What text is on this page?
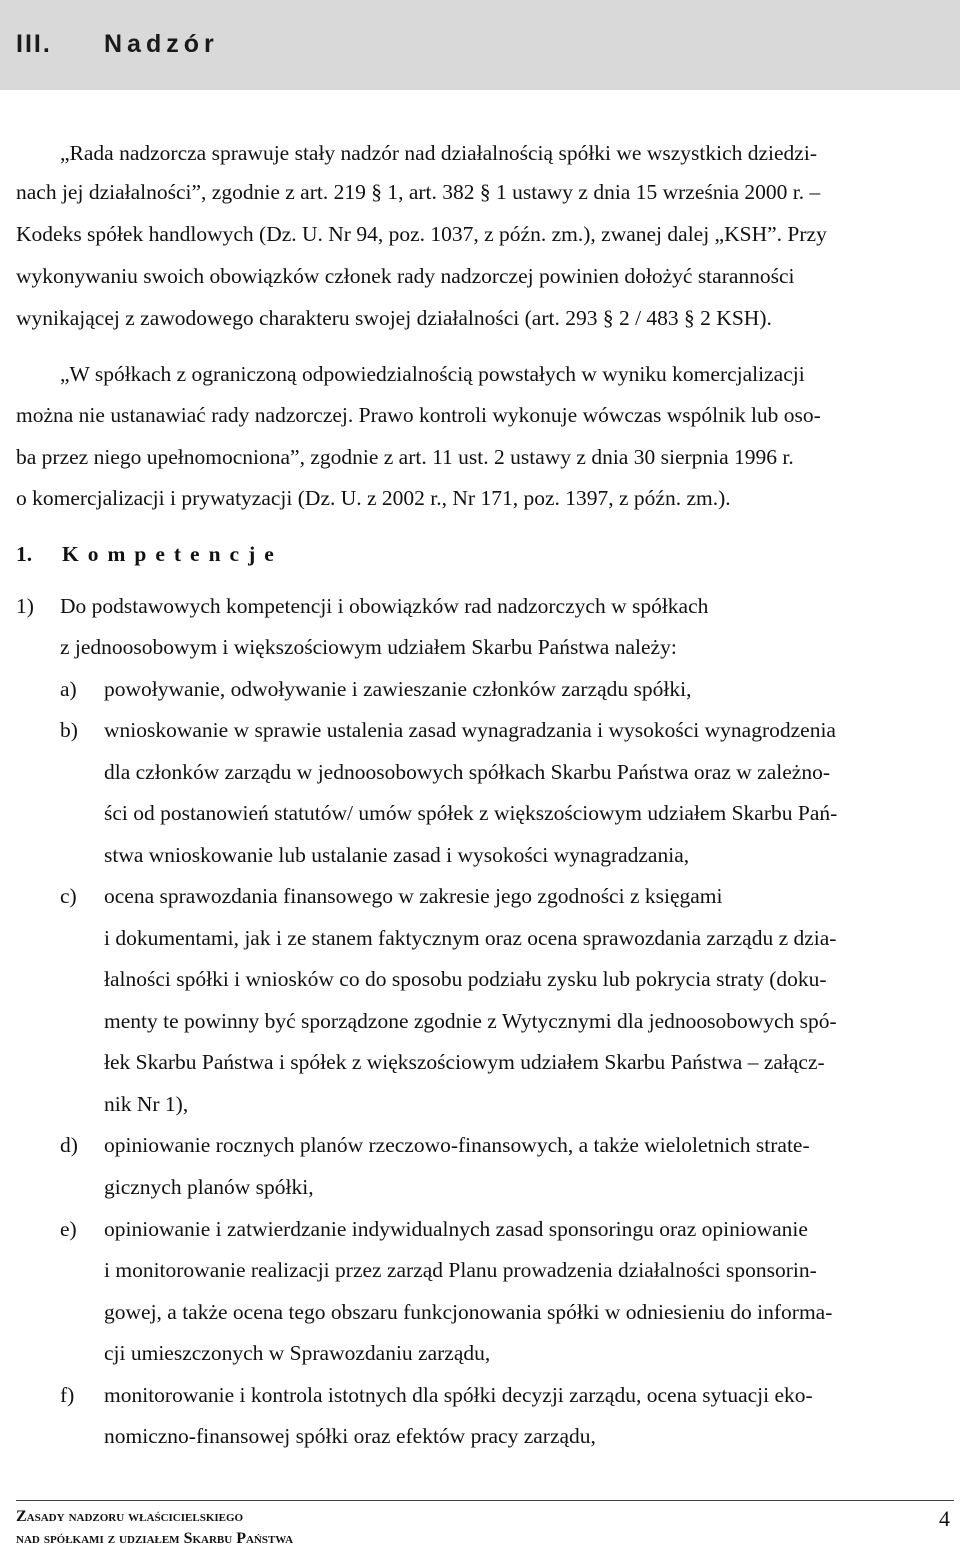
III. Nadzór
„Rada nadzorcza sprawuje stały nadzór nad działalnością spółki we wszystkich dziedzi-
nach jej działalności”, zgodnie z art. 219 § 1, art. 382 § 1 ustawy z dnia 15 września 2000 r. –
Kodeks spółek handlowych (Dz. U. Nr 94, poz. 1037, z późn. zm.), zwanej dalej „KSH”. Przy
wykonywaniu swoich obowiązków członek rady nadzorczej powinien dołożyć staranności
wynikającej z zawodowego charakteru swojej działalności (art. 293 § 2 / 483 § 2 KSH).
„W spółkach z ograniczoną odpowiedzialnością powstałych w wyniku komercjalizacji
można nie ustanawiać rady nadzorczej. Prawo kontroli wykonuje wówczas wspólnik lub oso-
ba przez niego upełnomocniona”, zgodnie z art. 11 ust. 2 ustawy z dnia 30 sierpnia 1996 r.
o komercjalizacji i prywatyzacji (Dz. U. z 2002 r., Nr 171, poz. 1397, z późn. zm.).
1. Kompetencje
1) Do podstawowych kompetencji i obowiązków rad nadzorczych w spółkach
z jednoosobowym i większościowym udziałem Skarbu Państwa należy:
a) powoływanie, odwoływanie i zawieszanie członków zarządu spółki,
b) wnioskowanie w sprawie ustalenia zasad wynagradzania i wysokości wynagrodzenia
dla członków zarządu w jednoosobowych spółkach Skarbu Państwa oraz w zależno-
ści od postanowień statutów/ umów spółek z większościowym udziałem Skarbu Pań-
stwa wnioskowanie lub ustalanie zasad i wysokości wynagradzania,
c) ocena sprawozdania finansowego w zakresie jego zgodności z księgami
i dokumentami, jak i ze stanem faktycznym oraz ocena sprawozdania zarządu z dzia-
łalności spółki i wniosków co do sposobu podziału zysku lub pokrycia straty (doku-
menty te powinny być sporządzone zgodnie z Wytycznymi dla jednoosobowych spó-
łek Skarbu Państwa i spółek z większościowym udziałem Skarbu Państwa – załącz-
nik Nr 1),
d) opiniowanie rocznych planów rzeczowo-finansowych, a także wieloletnich strate-
gicznych planów spółki,
e) opiniowanie i zatwierdzanie indywidualnych zasad sponsoringu oraz opiniowanie
i monitorowanie realizacji przez zarząd Planu prowadzenia działalności sponsorin-
gowej, a także ocena tego obszaru funkcjonowania spółki w odniesieniu do informa-
cji umieszczonych w Sprawozdaniu zarządu,
f) monitorowanie i kontrola istotnych dla spółki decyzji zarządu, ocena sytuacji eko-
nomiczno-finansowej spółki oraz efektów pracy zarządu,
Zasady nadzoru właścicielskiego
nad spółkami z udziałem Skarbu Państwa
4
